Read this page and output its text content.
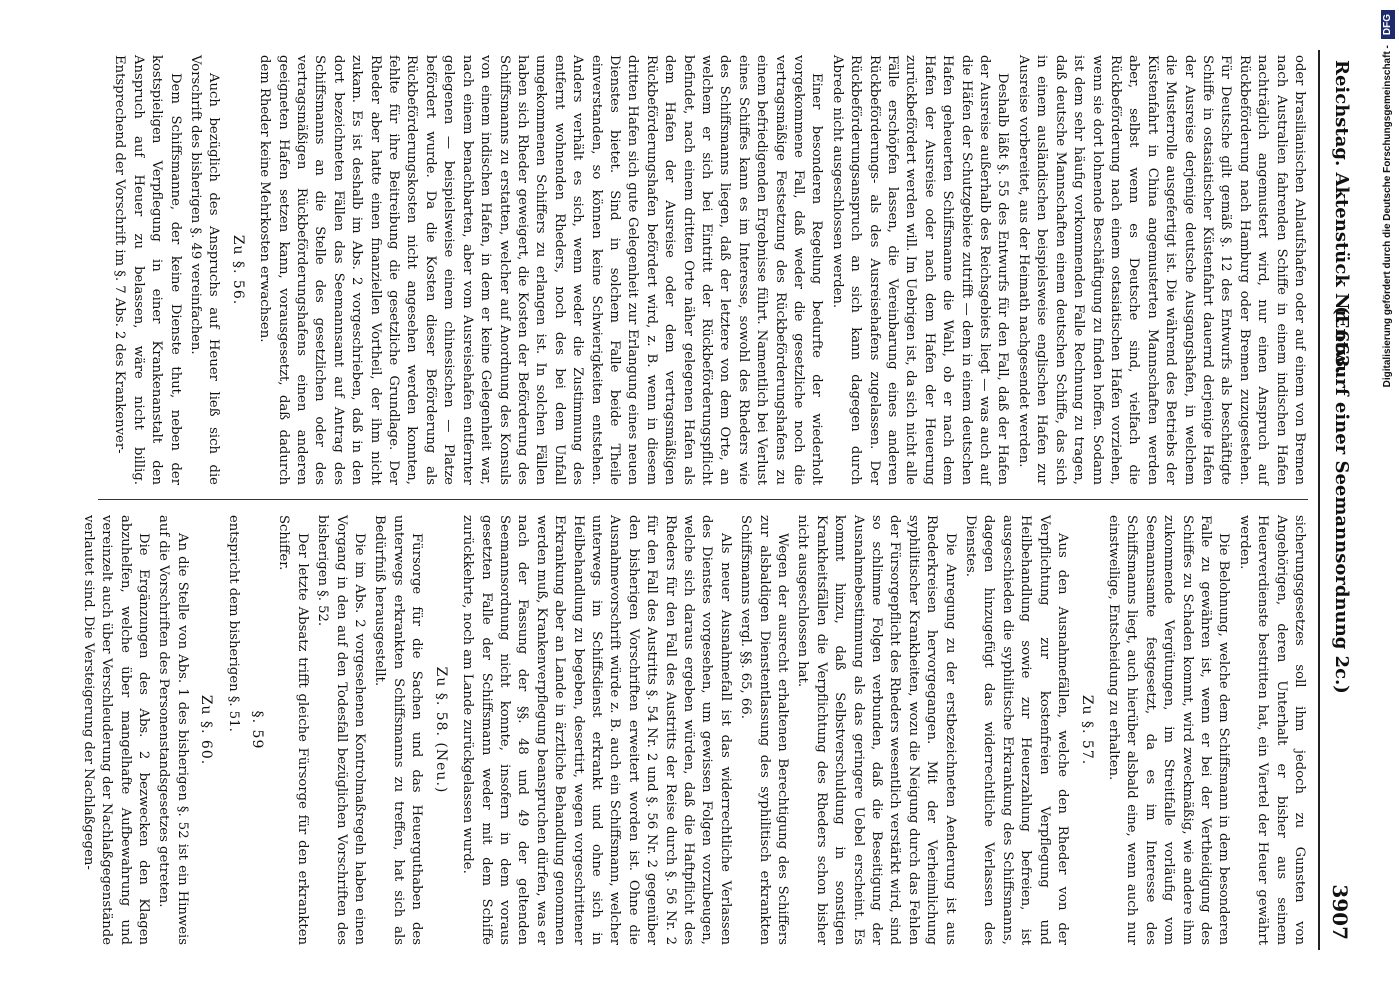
Reichstag. Aktenstück Nr. 663.
(Entwurf einer Seemannsordnung 2c.)
3907

oder brasilianischen Anlaufshafen oder auf einem von Bremen nach Australien fahrenden Schiffe in einem indischen Hafen nachträglich angemustert wird, nur einen Anspruch auf Rückbeförderung nach Hamburg oder Bremen zuzugestehen. Für Deutsche gilt gemäß §. 12 des Entwurfs als beschäftigte Schiffe in ostasiatischer Küstenfahrt dauernd derjenige Hafen der Ausreise derjenige deutsche Ausgangshafen, in welchem die Musterrolle ausgefertigt ist. Die während des Betriebs der Küstenfahrt in China angemusterten Mannschaften werden aber, selbst wenn es Deutsche sind, vielfach die Rückbeförderung nach einem ostasiatischen Hafen vorziehen, wenn sie dort lohnende Beschäftigung zu finden hoffen. Sodann ist dem sehr häufig vorkommenden Falle Rechnung zu tragen, daß deutsche Mannschaften einem deutschen Schiffe, das sich in einem ausländischen beispielsweise englischen Hafen zur Ausreise vorbereitet, aus der Heimath nachgesendet werden.

Deshalb läßt §. 55 des Entwurfs für den Fall, daß der Hafen der Ausreise außerhalb des Reichsgebiets liegt — was auch auf die Häfen der Schutzgebiete zutrifft — dem in einem deutschen Hafen geheuerten Schiffsmanne die Wahl, ob er nach dem Hafen der Ausreise oder nach dem Hafen der Heuerung zurückbefördert werden will. Im Uebrigen ist, da sich nicht alle Fälle erschöpfen lassen, die Vereinbarung eines anderen Rückbeförderungs- als des Ausreisehafens zugelassen. Der Rückbeförderungsanspruch an sich kann dagegen durch Abrede nicht ausgeschlossen werden.

Einer besonderen Regelung bedurfte der wiederholt vorgekommene Fall, daß weder die gesetzliche noch die vertragsmäßige Festsetzung des Rückbeförderungshafens zu einem befriedigenden Ergebnisse führt. Namentlich bei Verlust eines Schiffes kann es im Interesse, sowohl des Rheders wie des Schiffsmanns liegen, daß der letztere von dem Orte, an welchem er sich bei Eintritt der Rückbeförderungspflicht befindet, nach einem dritten Orte näher gelegenen Hafen als dem Hafen der Ausreise oder dem vertragsmäßigen Rückbeförderungshafen befördert wird, z. B. wenn in diesem dritten Hafen sich gute Gelegenheit zur Erlangung eines neuen Dienstes bietet. Sind in solchem Falle beide Theile einverstanden, so können keine Schwierigkeiten entstehen. Anders verhält es sich, wenn weder die Zustimmung des entfernt wohnenden Rheders, noch des bei dem Unfall umgekommenen Schiffers zu erlangen ist. In solchen Fällen haben sich Rheder geweigert, die Kosten der Beförderung des Schiffsmanns zu erstatten, welcher auf Anordnung des Konsuls von einem indischen Hafen, in dem er keine Gelegenheit war, nach einem benachbarten, aber vom Ausreisehafen entfernter gelegenen — beispielsweise einem chinesischen — Platze befördert wurde. Da die Kosten dieser Beförderung als Rückbeförderungskosten nicht angesehen werden konnten, fehlte für ihre Beitreibung die gesetzliche Grundlage. Der Rheder aber hatte einen finanziellen Vortheil, der ihm nicht zukam. Es ist deshalb im Abs. 2 vorgeschrieben, daß in den dort bezeichneten Fällen das Seemannsamt auf Antrag des Schiffsmanns an die Stelle des gesetzlichen oder des vertragsmäßigen Rückbeförderungshafens einen anderen geeigneten Hafen setzen kann, vorausgesetzt, daß dadurch dem Rheder keine Mehrkosten erwachsen.

Zu §. 56.

Auch bezüglich des Anspruchs auf Heuer ließ sich die Vorschrift des bisherigen §. 49 vereinfachen.

Dem Schiffsmanne, der keine Dienste thut, neben der kostspieligen Verpflegung in einer Krankenanstalt den Anspruch auf Heuer zu belassen, wäre nicht billig. Entsprechend der Vorschrift im §. 7 Abs. 2 des Krankenver-

sicherungsgesetzes soll ihm jedoch zu Gunsten von Angehörigen, deren Unterhalt er bisher aus seinem Heuerverdienste bestritten hat, ein Viertel der Heuer gewährt werden.

Die Belohnung, welche dem Schiffsmann in dem besonderen Falle zu gewähren ist, wenn er bei der Vertheidigung des Schiffes zu Schaden kommt, wird zweckmäßig, wie andere ihm zukommende Vergütungen, im Streitfalle vorläufig vom Seemannsamte festgesetzt, da es im Interesse des Schiffsmanns liegt, auch hierüber alsbald eine, wenn auch nur einstweilige, Entscheidung zu erhalten.

Zu §. 57.

Aus den Ausnahmefällen, welche den Rheder von der Verpflichtung zur kostenfreien Verpflegung und Heilbehandlung sowie zur Heuerzahlung befreien, ist ausgeschieden die syphilitische Erkrankung des Schiffsmanns, dagegen hinzugefügt das widerrechtliche Verlassen des Dienstes.

Die Anregung zu der erstbezeichneten Aenderung ist aus Rhederkreisen hervorgegangen. Mit der Verheimlichung syphilitischer Krankheiten, wozu die Neigung durch das Fehlen der Fürsorgepflicht des Rheders wesentlich verstärkt wird, sind so schlimme Folgen verbunden, daß die Beseitigung der Ausnahmebestimmung als das geringere Uebel erscheint. Es kommt hinzu, daß Selbstverschuldung in sonstigen Krankheitsfällen die Verpflichtung des Rheders schon bisher nicht ausgeschlossen hat.

Wegen der ausrecht erhaltenen Berechtigung des Schiffers zur alsbaldigen Dienstentlassung des syphilitisch erkrankten Schiffsmanns vergl. §§. 65, 66.

Als neuer Ausnahmefall ist das widerrechtliche Verlassen des Dienstes vorgesehen, um gewissen Folgen vorzubeugen, welche sich daraus ergeben würden, daß die Haftpflicht des Rheders für den Fall des Austritts der Reise durch §. 56 Nr. 2 für den Fall des Austritts §. 54 Nr. 2 und §. 56 Nr. 2 gegenüber den bisherigen Vorschriften erweitert worden ist. Ohne die Ausnahmevorschrift würde z. B. auch ein Schiffsmann, welcher unterwegs im Schiffsdienst erkrankt und ohne sich in Heilbehandlung zu begeben, desertirt, wegen vorgeschrittener Erkrankung aber an Lande in ärztliche Behandlung genommen werden muß, Krankenverpflegung beanspruchen dürfen, was er nach der Fassung der §§. 48 und 49 der geltenden Seemannsordnung nicht konnte, insofern in dem voraus gesetzten Falle der Schiffsmann weder mit dem Schiffe zurückkehrte, noch am Lande zurückgelassen wurde.

Zu §. 58. (Neu.)

Fürsorge für die Sachen und das Heuerguthaben des unterwegs erkrankten Schiffsmanns zu treffen, hat sich als Bedürfniß herausgestellt.

Die im Abs. 2 vorgesehenen Kontrolmaßregeln haben einen Vorgang in den auf den Todesfall bezüglichen Vorschriften des bisherigen §. 52.

Der letzte Absatz trifft gleiche Fürsorge für den erkrankten Schiffer.

§. 59

entspricht dem bisherigen §. 51.

Zu §. 60.

An die Stelle von Abs. 1 des bisherigen §. 52 ist ein Hinweis auf die Vorschriften des Personenstandsgesetzes getreten.

Die Ergänzungen des Abs. 2 bezwecken den Klagen abzuhelfen, welche über mangelhafte Aufbewahrung und vereinzelt auch über Verschleuderung der Nachlaßgegenstände verlautet sind. Die Versteigerung der Nachlaßgegen-

Digitalisierung gefördert durch die Deutsche Forschungsgemeinschaft -
DFG
